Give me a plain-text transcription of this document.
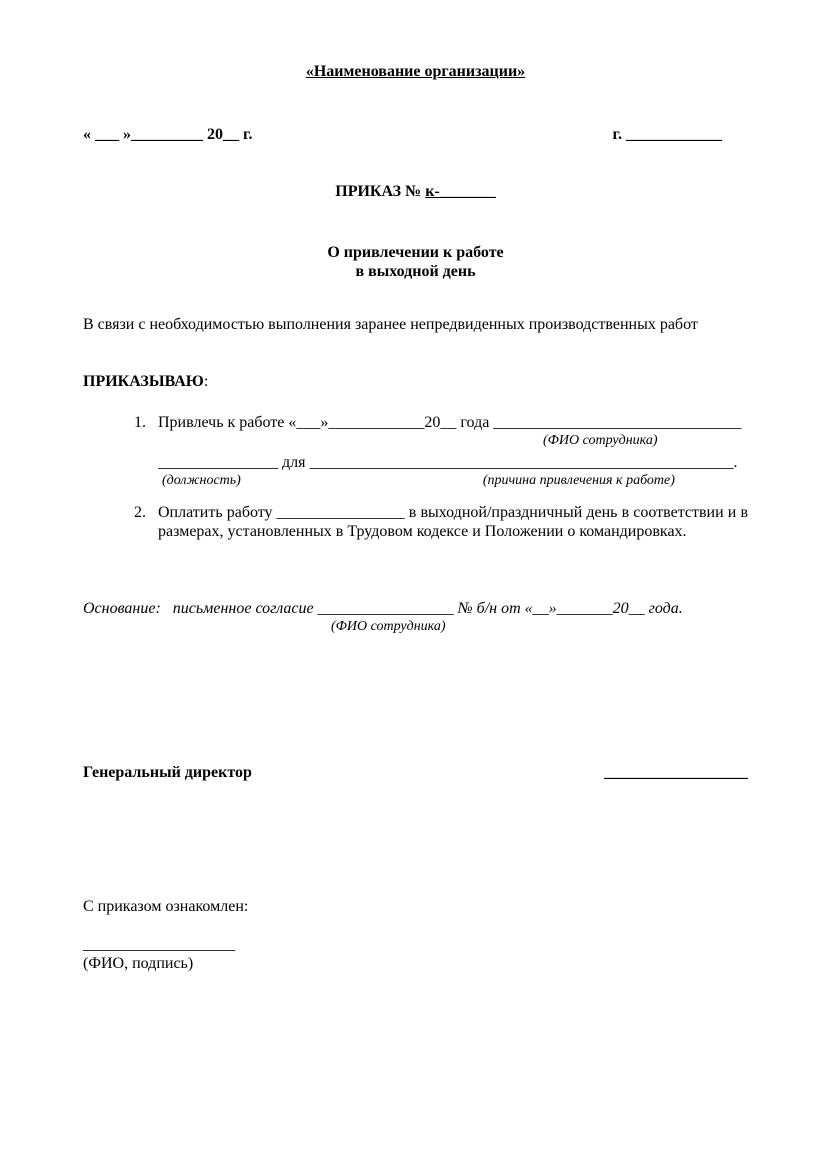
«Наименование организации»
« ___ »_________ 20__ г.	г. ____________
ПРИКАЗ № к-_______
О привлечении к работе
в выходной день
В связи с необходимостью выполнения заранее непредвиденных производственных работ
ПРИКАЗЫВАЮ:
1. Привлечь к работе «___»____________20__ года _______________________________
(ФИО сотрудника)
_______________ для _____________________________________________________.
(должность)	(причина привлечения к работе)
2. Оплатить работу ________________ в выходной/праздничный день в соответствии и в размерах, установленных в Трудовом кодексе и Положении о командировках.
Основание: письменное согласие _________________ № б/н от «__»_______20__ года.
(ФИО сотрудника)
Генеральный директор	__________________
С приказом ознакомлен:
___________________
(ФИО, подпись)
